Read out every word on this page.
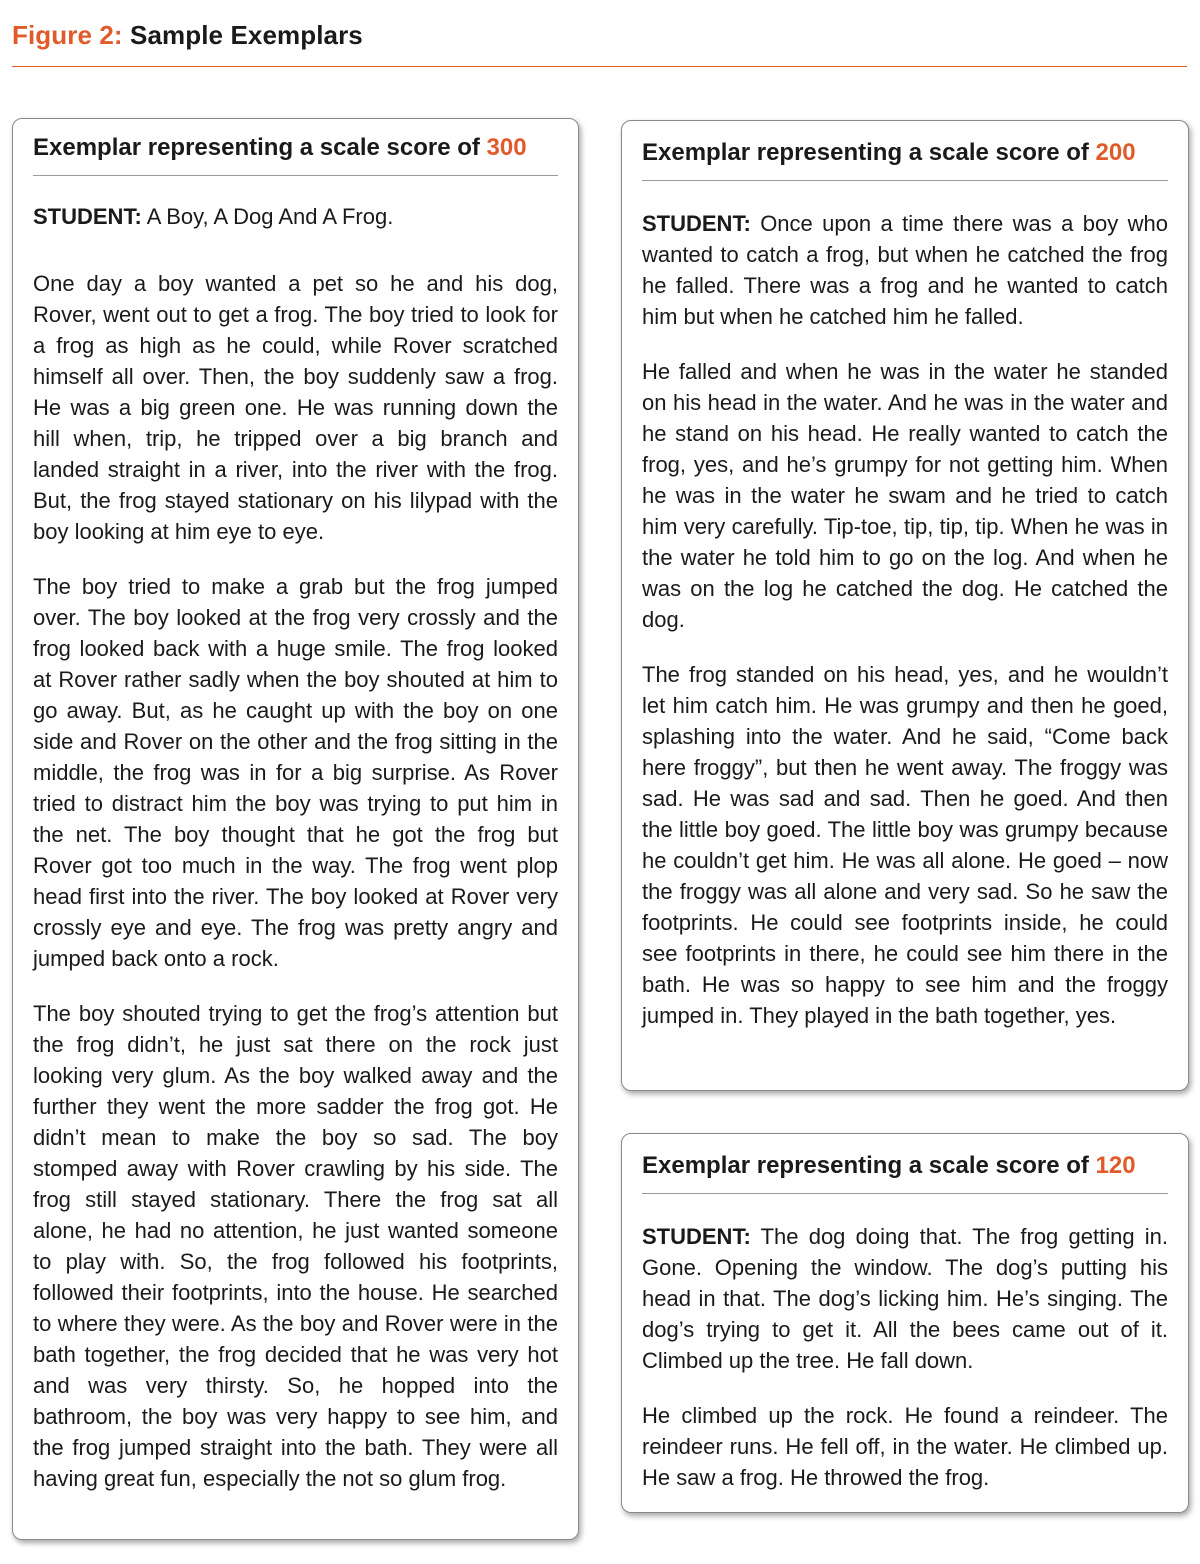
Figure 2: Sample Exemplars
Exemplar representing a scale score of 300

STUDENT: A Boy, A Dog And A Frog.

One day a boy wanted a pet so he and his dog, Rover, went out to get a frog. The boy tried to look for a frog as high as he could, while Rover scratched himself all over. Then, the boy suddenly saw a frog. He was a big green one. He was running down the hill when, trip, he tripped over a big branch and landed straight in a river, into the river with the frog. But, the frog stayed stationary on his lilypad with the boy looking at him eye to eye.

The boy tried to make a grab but the frog jumped over. The boy looked at the frog very crossly and the frog looked back with a huge smile. The frog looked at Rover rather sadly when the boy shouted at him to go away. But, as he caught up with the boy on one side and Rover on the other and the frog sitting in the middle, the frog was in for a big surprise. As Rover tried to distract him the boy was trying to put him in the net. The boy thought that he got the frog but Rover got too much in the way. The frog went plop head first into the river. The boy looked at Rover very crossly eye and eye. The frog was pretty angry and jumped back onto a rock.

The boy shouted trying to get the frog’s attention but the frog didn’t, he just sat there on the rock just looking very glum. As the boy walked away and the further they went the more sadder the frog got. He didn’t mean to make the boy so sad. The boy stomped away with Rover crawling by his side. The frog still stayed stationary. There the frog sat all alone, he had no attention, he just wanted someone to play with. So, the frog followed his footprints, followed their footprints, into the house. He searched to where they were. As the boy and Rover were in the bath together, the frog decided that he was very hot and was very thirsty. So, he hopped into the bathroom, the boy was very happy to see him, and the frog jumped straight into the bath. They were all having great fun, especially the not so glum frog.

Exemplar representing a scale score of 200

STUDENT: Once upon a time there was a boy who wanted to catch a frog, but when he catched the frog he falled. There was a frog and he wanted to catch him but when he catched him he falled.

He falled and when he was in the water he standed on his head in the water. And he was in the water and he stand on his head. He really wanted to catch the frog, yes, and he’s grumpy for not getting him. When he was in the water he swam and he tried to catch him very carefully. Tip-toe, tip, tip, tip. When he was in the water he told him to go on the log. And when he was on the log he catched the dog. He catched the dog.

The frog standed on his head, yes, and he wouldn’t let him catch him. He was grumpy and then he goed, splashing into the water. And he said, “Come back here froggy”, but then he went away. The froggy was sad. He was sad and sad. Then he goed. And then the little boy goed. The little boy was grumpy because he couldn’t get him. He was all alone. He goed – now the froggy was all alone and very sad. So he saw the footprints. He could see footprints inside, he could see footprints in there, he could see him there in the bath. He was so happy to see him and the froggy jumped in. They played in the bath together, yes.

Exemplar representing a scale score of 120

STUDENT: The dog doing that. The frog getting in. Gone. Opening the window. The dog’s putting his head in that. The dog’s licking him. He’s singing. The dog’s trying to get it. All the bees came out of it. Climbed up the tree. He fall down.

He climbed up the rock. He found a reindeer. The reindeer runs. He fell off, in the water. He climbed up. He saw a frog. He throwed the frog.
